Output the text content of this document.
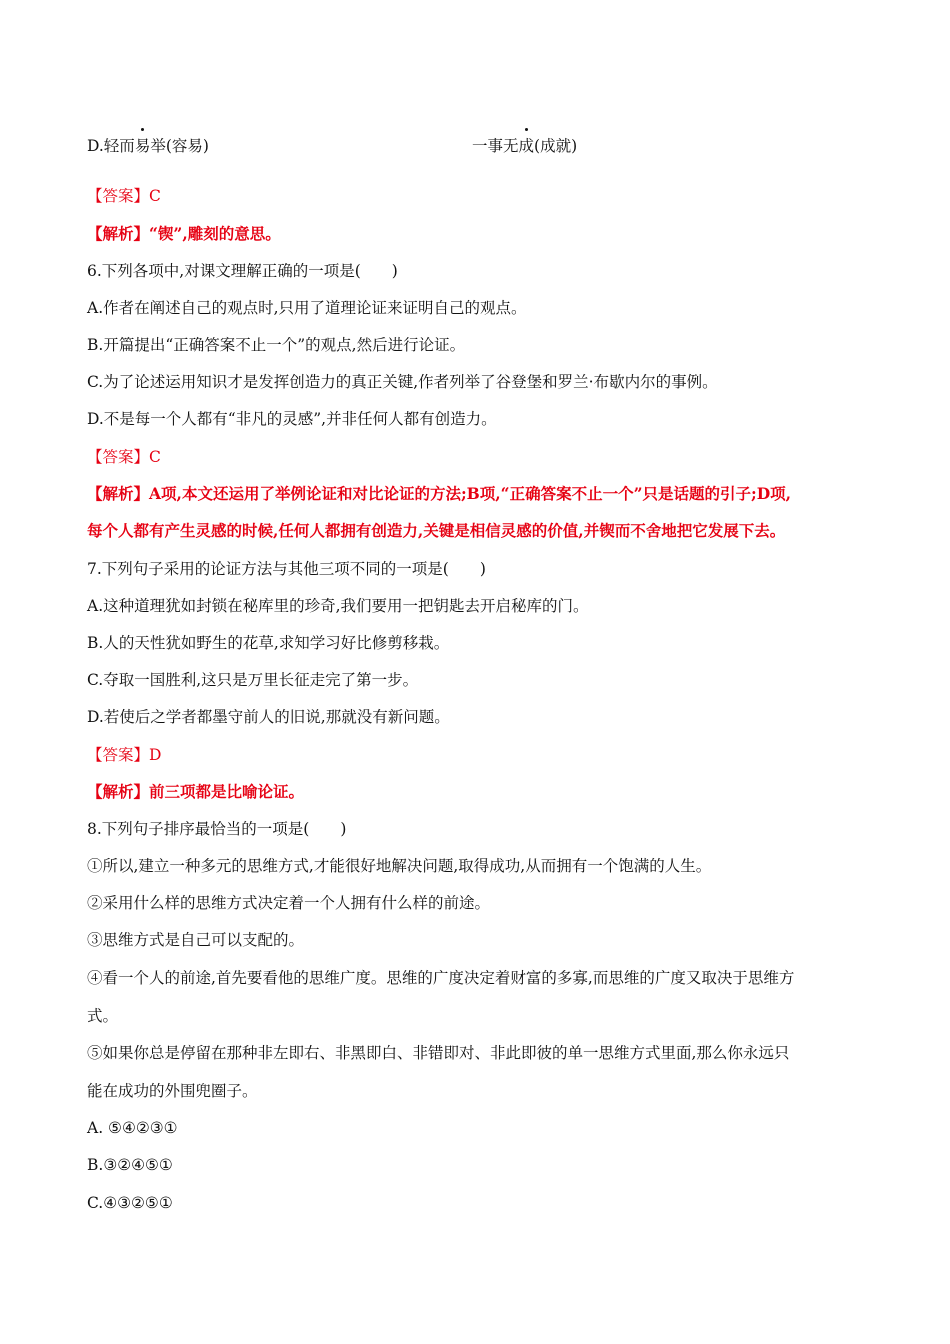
D.轻而易举(容易)	一事无成(成就)
【答案】C
【解析】“锲”,雕刻的意思。
6.下列各项中,对课文理解正确的一项是(　　)
A.作者在阐述自己的观点时,只用了道理论证来证明自己的观点。
B.开篇提出“正确答案不止一个”的观点,然后进行论证。
C.为了论述运用知识才是发挥创造力的真正关键,作者列举了谷登堡和罗兰·布歇内尔的事例。
D.不是每一个人都有“非凡的灵感”,并非任何人都有创造力。
【答案】C
【解析】A项,本文还运用了举例论证和对比论证的方法;B项,“正确答案不止一个”只是话题的引子;D项,
每个人都有产生灵感的时候,任何人都拥有创造力,关键是相信灵感的价值,并锲而不舍地把它发展下去。
7.下列句子采用的论证方法与其他三项不同的一项是(　　)
A.这种道理犹如封锁在秘库里的珍奇,我们要用一把钥匙去开启秘库的门。
B.人的天性犹如野生的花草,求知学习好比修剪移栽。
C.夺取一国胜利,这只是万里长征走完了第一步。
D.若使后之学者都墨守前人的旧说,那就没有新问题。
【答案】D
【解析】前三项都是比喻论证。
8.下列句子排序最恰当的一项是(　　)
①所以,建立一种多元的思维方式,才能很好地解决问题,取得成功,从而拥有一个饱满的人生。
②采用什么样的思维方式决定着一个人拥有什么样的前途。
③思维方式是自己可以支配的。
④看一个人的前途,首先要看他的思维广度。思维的广度决定着财富的多寡,而思维的广度又取决于思维方
式。
⑤如果你总是停留在那种非左即右、非黑即白、非错即对、非此即彼的单一思维方式里面,那么你永远只
能在成功的外围兜圈子。
A. ⑤④②③①
B.③②④⑤①
C.④③②⑤①
